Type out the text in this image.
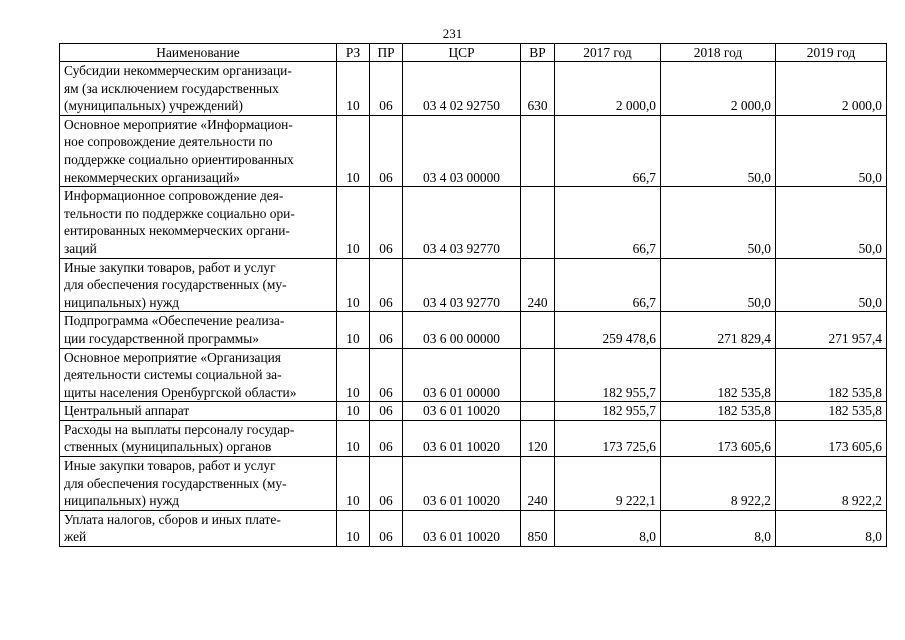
231
Наименование	РЗ	ПР	ЦСР	ВР	2017 год	2018 год	2019 год

Субсидии некоммерческим организаци-
ям (за исключением государственных
(муниципальных) учреждений)	10	06	03 4 02 92750	630	2 000,0	2 000,0	2 000,0

Основное мероприятие «Информацион-
ное сопровождение деятельности по
поддержке социально ориентированных
некоммерческих организаций»	10	06	03 4 03 00000		66,7	50,0	50,0

Информационное сопровождение дея-
тельности по поддержке социально ори-
ентированных некоммерческих органи-
заций	10	06	03 4 03 92770		66,7	50,0	50,0

Иные закупки товаров, работ и услуг
для обеспечения государственных (му-
ниципальных) нужд	10	06	03 4 03 92770	240	66,7	50,0	50,0

Подпрограмма «Обеспечение реализа-
ции государственной программы»	10	06	03 6 00 00000		259 478,6	271 829,4	271 957,4

Основное мероприятие «Организация
деятельности системы социальной за-
щиты населения Оренбургской области»	10	06	03 6 01 00000		182 955,7	182 535,8	182 535,8

Центральный аппарат	10	06	03 6 01 10020		182 955,7	182 535,8	182 535,8

Расходы на выплаты персоналу государ-
ственных (муниципальных) органов	10	06	03 6 01 10020	120	173 725,6	173 605,6	173 605,6

Иные закупки товаров, работ и услуг
для обеспечения государственных (му-
ниципальных) нужд	10	06	03 6 01 10020	240	9 222,1	8 922,2	8 922,2

Уплата налогов, сборов и иных плате-
жей	10	06	03 6 01 10020	850	8,0	8,0	8,0
